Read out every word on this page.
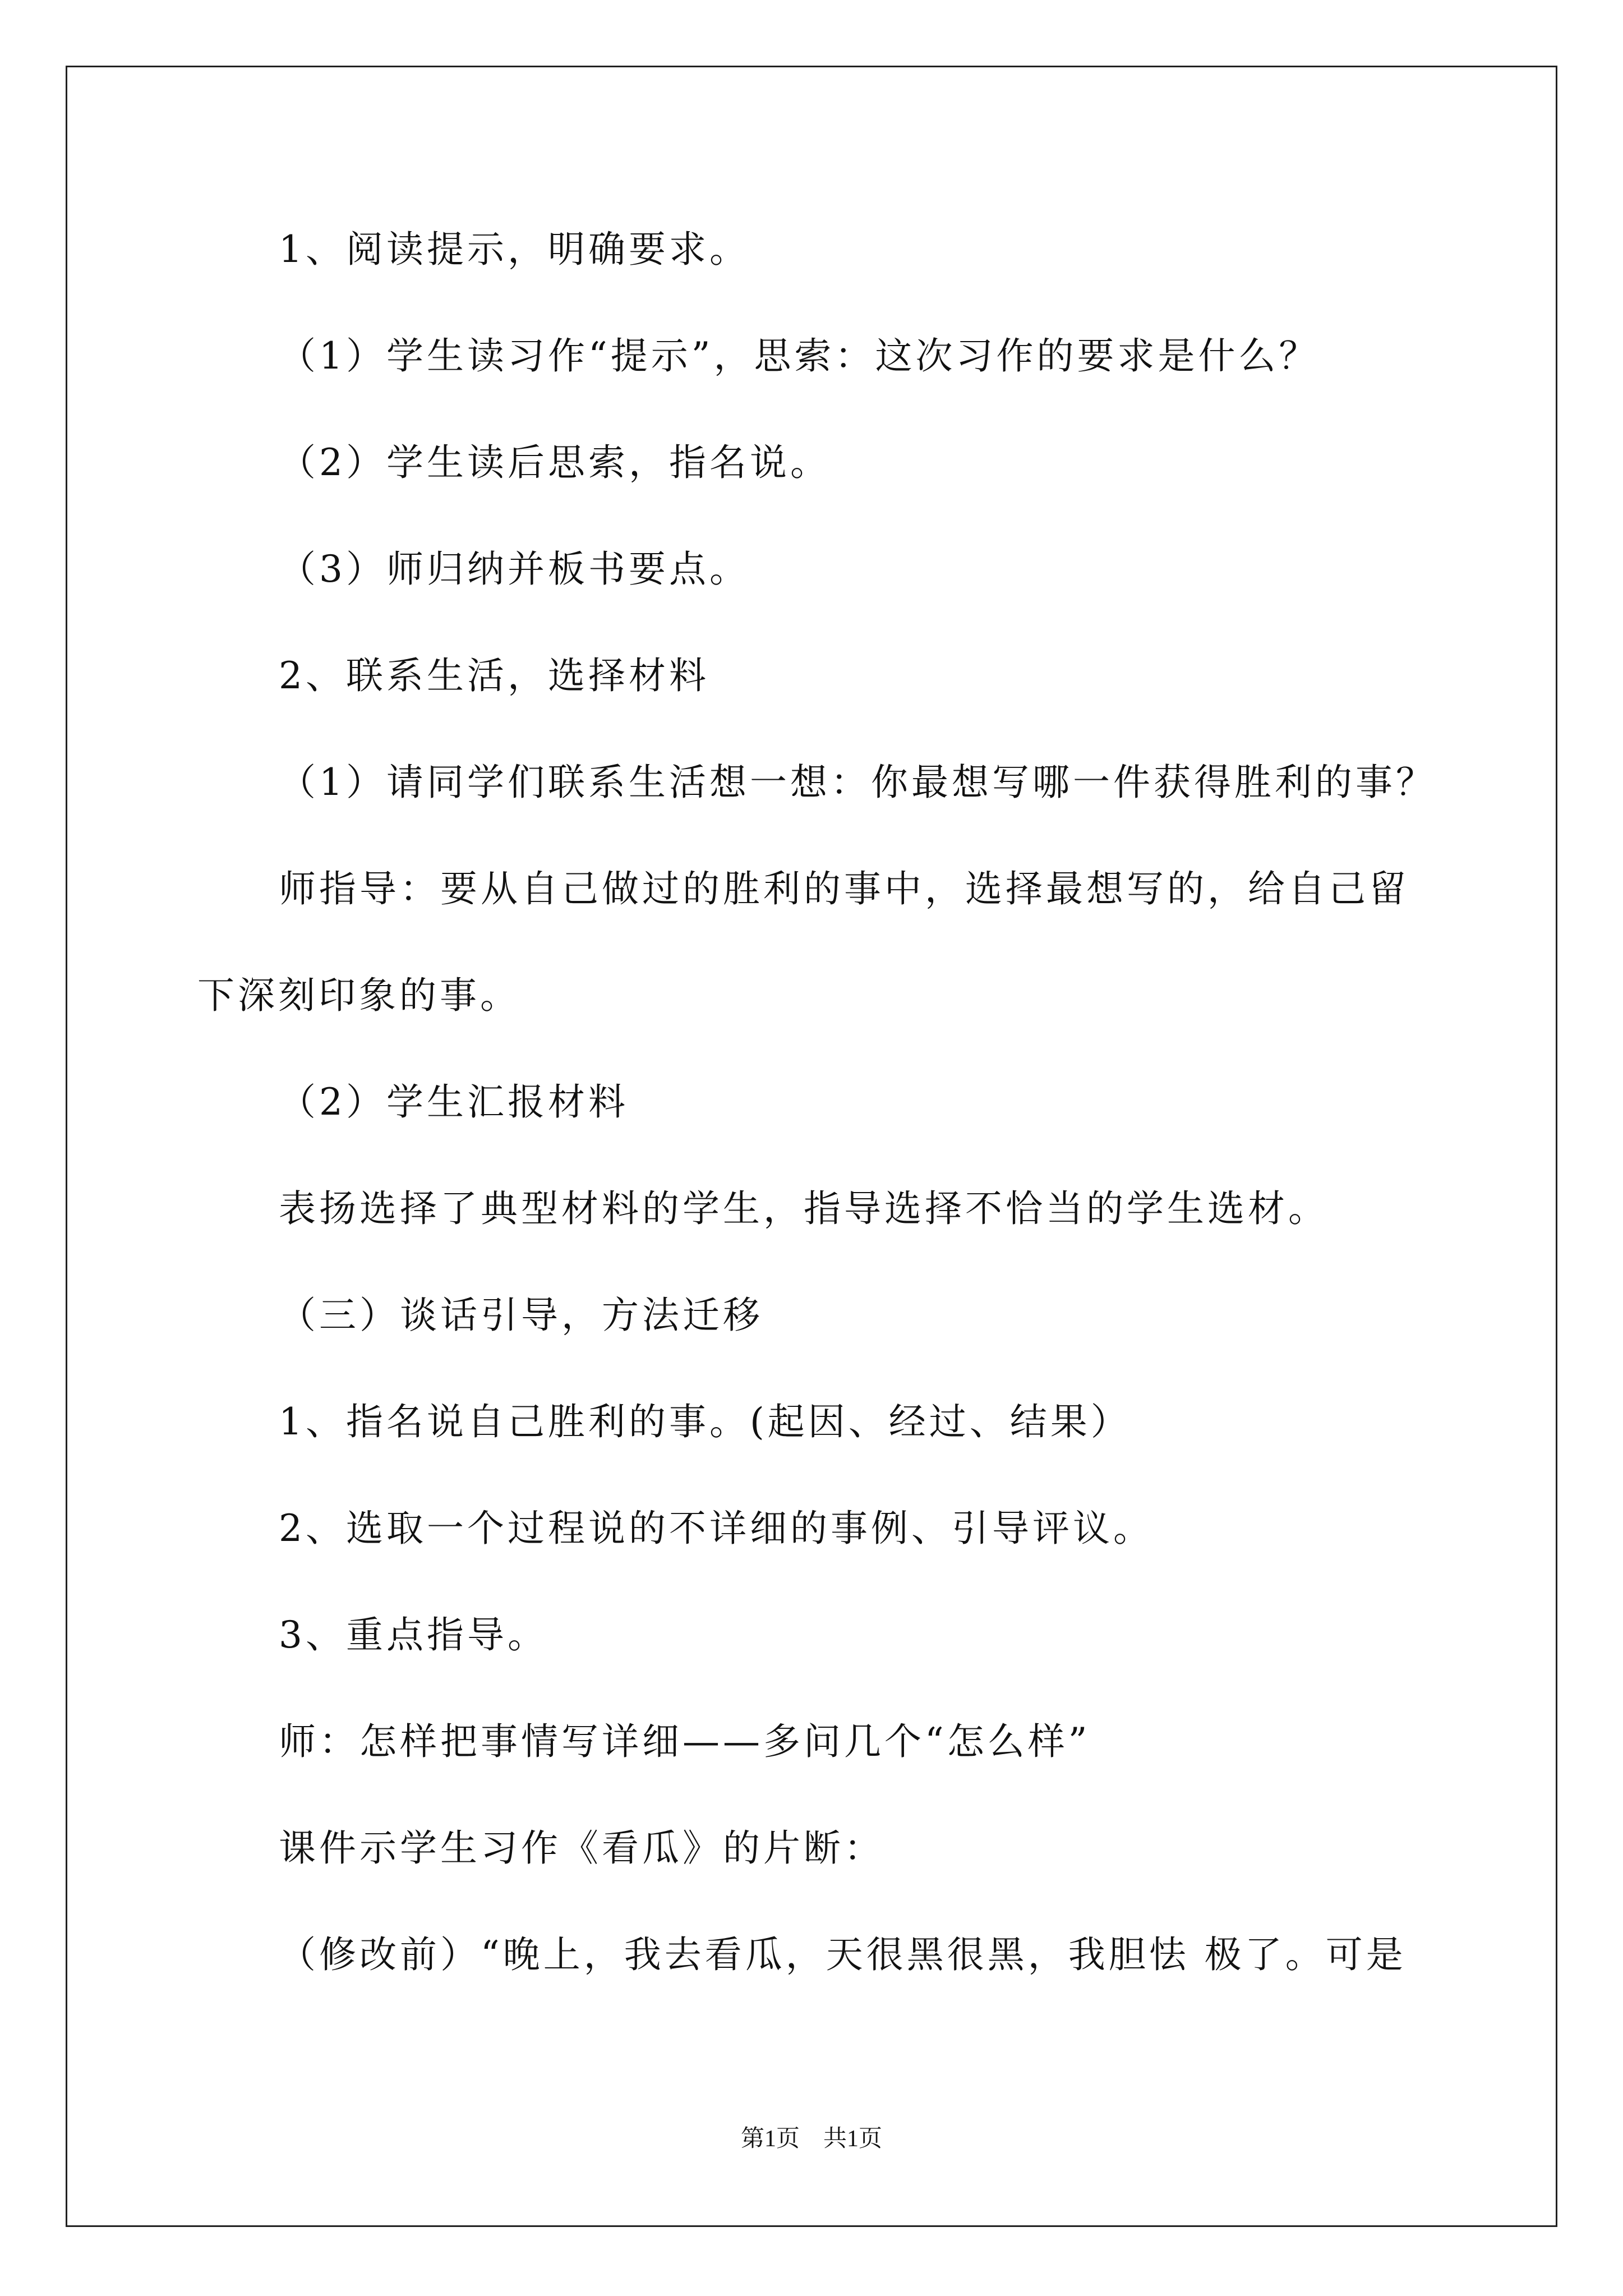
1、阅读提示，明确要求。
（1）学生读习作“提示”，思索：这次习作的要求是什么？
（2）学生读后思索，指名说。
（3）师归纳并板书要点。
2、联系生活，选择材料
（1）请同学们联系生活想一想：你最想写哪一件获得胜利的事？
师指导：要从自己做过的胜利的事中，选择最想写的，给自己留
下深刻印象的事。
（2）学生汇报材料
表扬选择了典型材料的学生，指导选择不恰当的学生选材。
（三）谈话引导，方法迁移
1、指名说自己胜利的事。(起因、经过、结果）
2、选取一个过程说的不详细的事例、引导评议。
3、重点指导。
师：怎样把事情写详细——多问几个“怎么样”
课件示学生习作《看瓜》的片断：
（修改前）“晚上，我去看瓜，天很黑很黑，我胆怯 极了。可是
第1页　共1页
